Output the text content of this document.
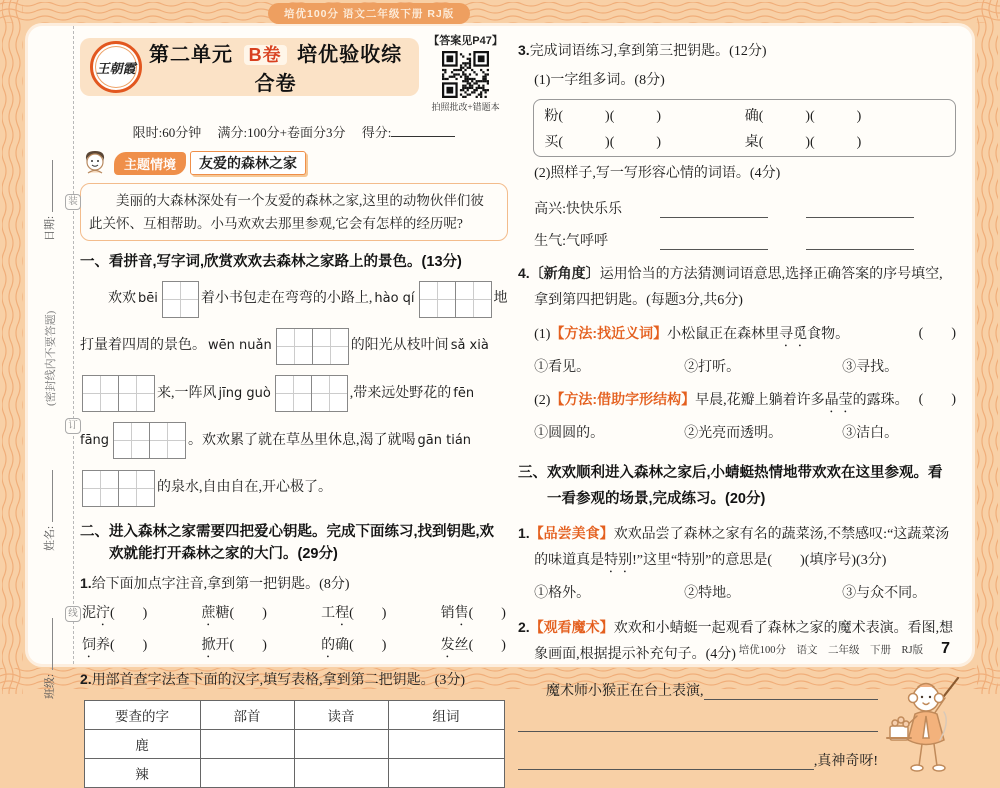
培优100分 语文二年级下册 RJ版
日期:
(密封线内不要答题)
姓名:
班级:
装
订
线
王朝霞
第二单元 B卷 培优验收综合卷
【答案见P47】
拍照批改+错题本
限时:60分钟　 满分:100分+卷面分3分　 得分:
主题情境	友爱的森林之家
　　美丽的大森林深处有一个友爱的森林之家,这里的动物伙伴们彼
此关怀、互相帮助。小马欢欢去那里参观,它会有怎样的经历呢?
一、看拼音,写字词,欣赏欢欢去森林之家路上的景色。(13分)

　　欢欢 bēi	着小书包走在弯弯的小路上, hào qí	地打量着四周的景色。 wēn nuǎn	的阳光从枝叶间 sǎ xià来,一阵风 jīng guò	,带来远处野花的 fēn fāng	。欢欢累了就在草丛里休息,渴了就喝 gān tián的泉水,自由自在,开心极了。

二、进入森林之家需要四把爱心钥匙。完成下面练习,找到钥匙,欢欢就能打开森林之家的大门。(29分)
1.给下面加点字注音,拿到第一把钥匙。(8分)
泥泞(　　)	蔗糖(　　)	工程(　　)	销售(　　)
饲养(　　)	掀开(　　)	的确(　　)	发丝(　　)
2.用部首查字法查下面的汉字,填写表格,拿到第二把钥匙。(3分)
要查的字	部首	读音	组词
鹿			
辣			
3.完成词语练习,拿到第三把钥匙。(12分)
(1)一字组多词。(8分)
粉(　　　)(　　　)	确(　　　)(　　　)
买(　　　)(　　　)	桌(　　　)(　　　)
(2)照样子,写一写形容心情的词语。(4分)
高兴:快快乐乐
生气:气呼呼
4.〔新角度〕运用恰当的方法猜测词语意思,选择正确答案的序号填空,拿到第四把钥匙。(每题3分,共6分)
(1)【方法:找近义词】小松鼠正在森林里寻觅食物。	(　　)
①看见。	②打听。	③寻找。
(2)【方法:借助字形结构】早晨,花瓣上躺着许多晶莹的露珠。 (　　)
①圆圆的。	②光亮而透明。	③洁白。
三、欢欢顺利进入森林之家后,小蜻蜓热情地带欢欢在这里参观。看一看参观的场景,完成练习。(20分)
1.【品尝美食】欢欢品尝了森林之家有名的蔬菜汤,不禁感叹:“这蔬菜汤的味道真是特别!”这里“特别”的意思是(　　)(填序号)(3分)
①格外。	②特地。	③与众不同。
2.【观看魔术】欢欢和小蜻蜓一起观看了森林之家的魔术表演。看图,想象画面,根据提示补充句子。(4分)
　　魔术师小猴正在台上表演,
,真神奇呀!
培优100分　语文　二年级　下册　RJ版 7
